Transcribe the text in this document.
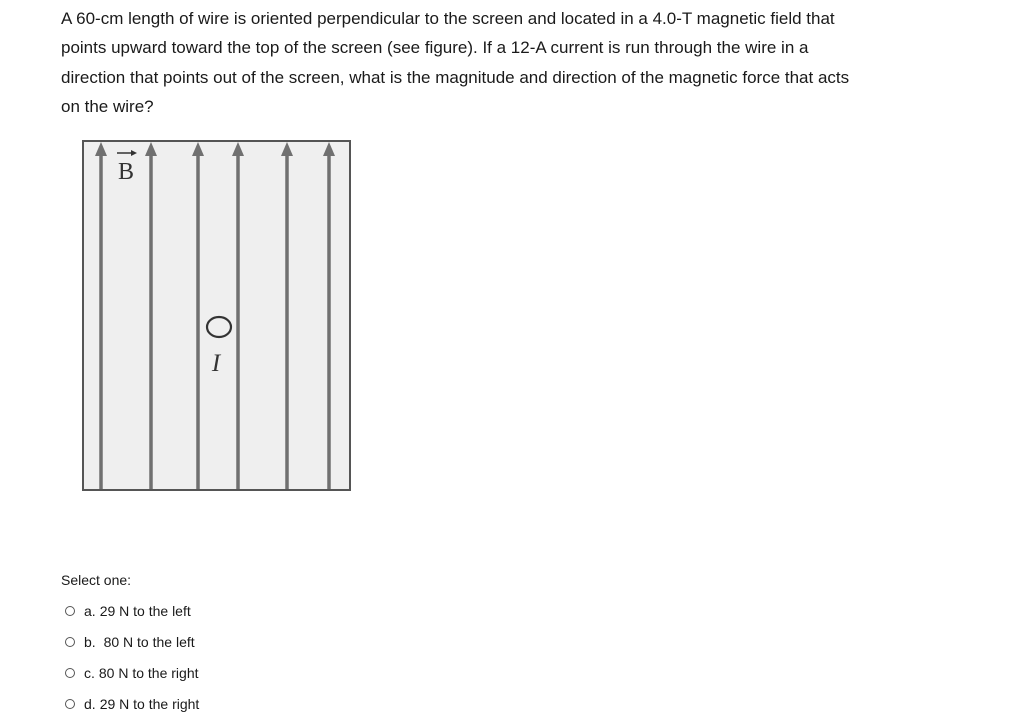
A 60-cm length of wire is oriented perpendicular to the screen and located in a 4.0-T magnetic field that points upward toward the top of the screen (see figure). If a 12-A current is run through the wire in a direction that points out of the screen, what is the magnitude and direction of the magnetic force that acts on the wire?

B
I

Select one:

a. 29 N to the left
b. 80 N to the left
c. 80 N to the right
d. 29 N to the right
